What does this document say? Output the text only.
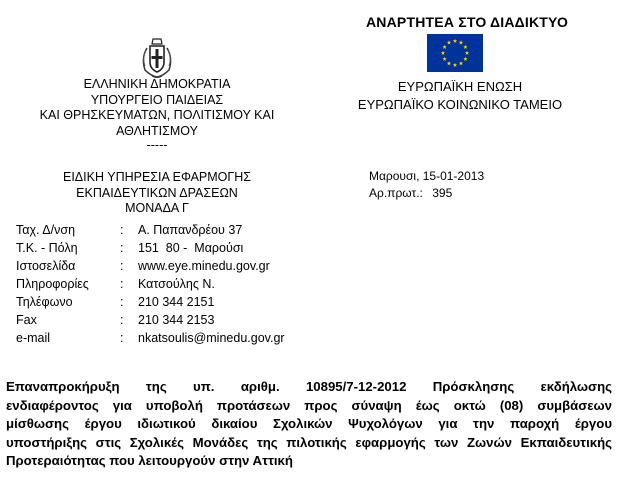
ΕΛΛΗΝΙΚΗ ΔΗΜΟΚΡΑΤΙΑ
ΥΠΟΥΡΓΕΙΟ ΠΑΙΔΕΙΑΣ
ΚΑΙ ΘΡΗΣΚΕΥΜΑΤΩΝ, ΠΟΛΙΤΙΣΜΟΥ ΚΑΙ
ΑΘΛΗΤΙΣΜΟΥ
-----
ΕΙΔΙΚΗ ΥΠΗΡΕΣΙΑ ΕΦΑΡΜΟΓΗΣ
ΕΚΠΑΙΔΕΥΤΙΚΩΝ ΔΡΑΣΕΩΝ
ΜΟΝΑΔΑ Γ
ΑΝΑΡΤΗΤΕΑ ΣΤΟ ΔΙΑΔΙΚΤΥΟ
ΕΥΡΩΠΑΪΚΗ ΕΝΩΣΗ
ΕΥΡΩΠΑΪΚΟ ΚΟΙΝΩΝΙΚΟ ΤΑΜΕΙΟ
Μαρουσι, 15-01-2013
Αρ.πρωτ.: 395
Ταχ. Δ/νση	:	Α. Παπανδρέου 37
Τ.Κ. - Πόλη	:	151  80 -  Μαρούσι
Ιστοσελίδα	:	www.eye.minedu.gov.gr
Πληροφορίες	:	Κατσούλης Ν.
Τηλέφωνο	:	210 344 2151
Fax	:	210 344 2153
e-mail	:	nkatsoulis@minedu.gov.gr
Επαναπροκήρυξη της υπ. αριθμ. 10895/7-12-2012 Πρόσκλησης εκδήλωσης
ενδιαφέροντος για υποβολή προτάσεων προς σύναψη έως οκτώ (08) συμβάσεων
μίσθωσης έργου ιδιωτικού δικαίου Σχολικών Ψυχολόγων για την παροχή έργου
υποστήριξης στις Σχολικές Μονάδες της πιλοτικής εφαρμογής των Ζωνών Εκπαιδευτικής
Προτεραιότητας που λειτουργούν στην Αττική
